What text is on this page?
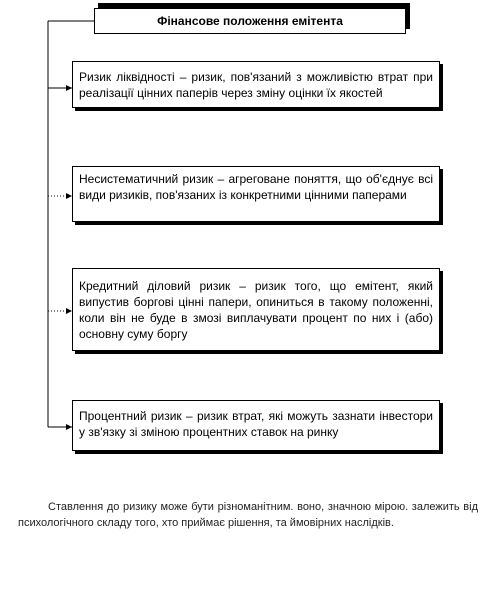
Фінансове положення емітента
Ризик ліквідності – ризик, пов'язаний з можливістю втрат при реалізації цінних паперів через зміну оцінки їх якостей
Несистематичний ризик – агреговане поняття, що об'єднує всі види ризиків, пов'язаних із конкретними цінними паперами
Кредитний діловий ризик – ризик того, що емітент, який випустив боргові цінні папери, опиниться в такому положенні, коли він не буде в змозі виплачувати процент по них і (або) основну суму боргу
Процентний ризик – ризик втрат, які можуть зазнати інвестори у зв'язку зі зміною процентних ставок на ринку
Ставлення до ризику може бути різноманітним. воно, значною мірою. залежить від психологічного складу того, хто приймає рішення, та ймовірних наслідків.
